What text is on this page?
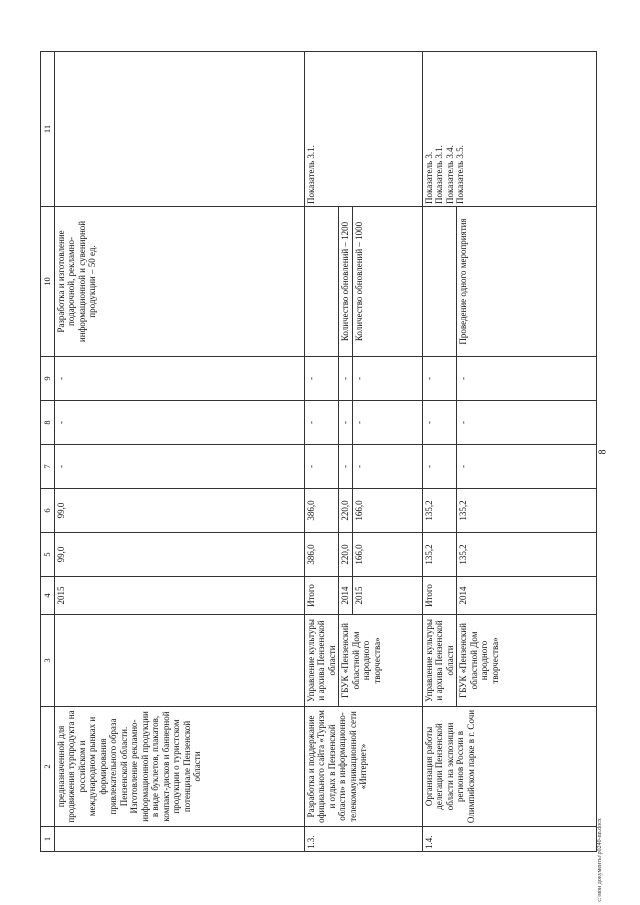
8
1	2	3	4	5	6	7	8	9	10	11
	предназначенной для продвижения турпродукта на российском и международном рынках и формирования привлекательного образа Пензенской области. Изготовление рекламно-информационной продукции в виде буклетов, плакатов, компакт-дисков и баннерной продукции о туристском потенциале Пензенской области		2015	99,0	99,0	-	-	-	Разработка и изготовление подарочной, рекламно-информационной и сувенирной продукции – 50 ед.	
1.3.	Разработка и поддержание официального сайта «Туризм и отдых в Пензенской области» в информационно-телекоммуникационной сети «Интернет»	Управление культуры и архива Пензенской области	Итого	386,0	386,0	-	-	-		Показатель 3.1.
		ГБУК «Пензенский областной Дом народного творчества»	2014	220,0	220,0	-	-	-	Количество обновлений – 1200	
			2015	166,0	166,0	-	-	-	Количество обновлений – 1000	
1.4.	Организация работы делегации Пензенской области на экспозиции регионов России в Олимпийском парке в г. Сочи	Управление культуры и архива Пензенской области	Итого	135,2	135,2	-	-	-		Показатель 3. Показатель 3.1. Показатель 3.4. Показатель 3.5.

		ГБУК «Пензенский областной Дом народного творчества»	2014	135,2	135,2	-	-	-	Проведение одного мероприятия	
c:\мои документы\p0240-nn.docx
